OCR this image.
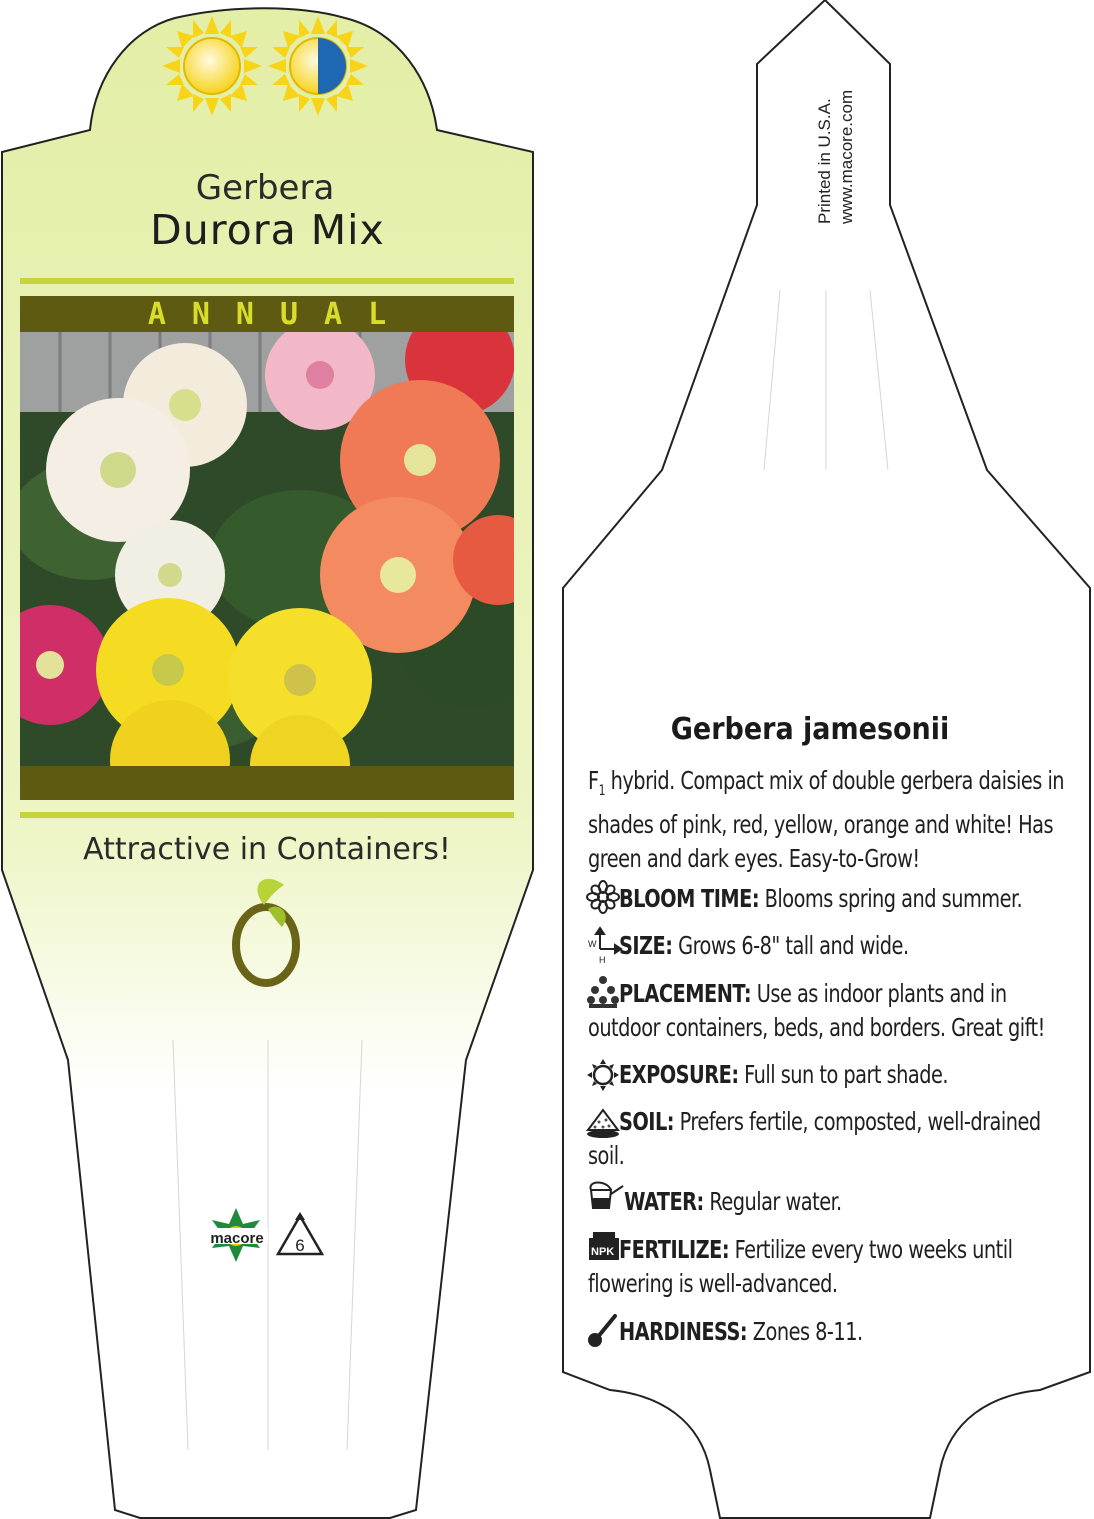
W
H
NPK
Gerbera
Durora Mix
ANNUAL
Attractive in Containers!
macore 6
Printed in U.S.A. www.macore.com
Gerbera jamesonii
$F_1$ hybrid. Compact mix of double gerbera daisies in shades of pink, red, yellow, orange and white! Has green and dark eyes. Easy-to-Grow!
BLOOM TIME: Blooms spring and summer.
SIZE: Grows 6-8" tall and wide.
PLACEMENT: Use as indoor plants and in outdoor containers, beds, and borders. Great gift!
EXPOSURE: Full sun to part shade.
SOIL: Prefers fertile, composted, well-drained soil.
WATER: Regular water.
FERTILIZE: Fertilize every two weeks until flowering is well-advanced.
HARDINESS: Zones 8-11.
